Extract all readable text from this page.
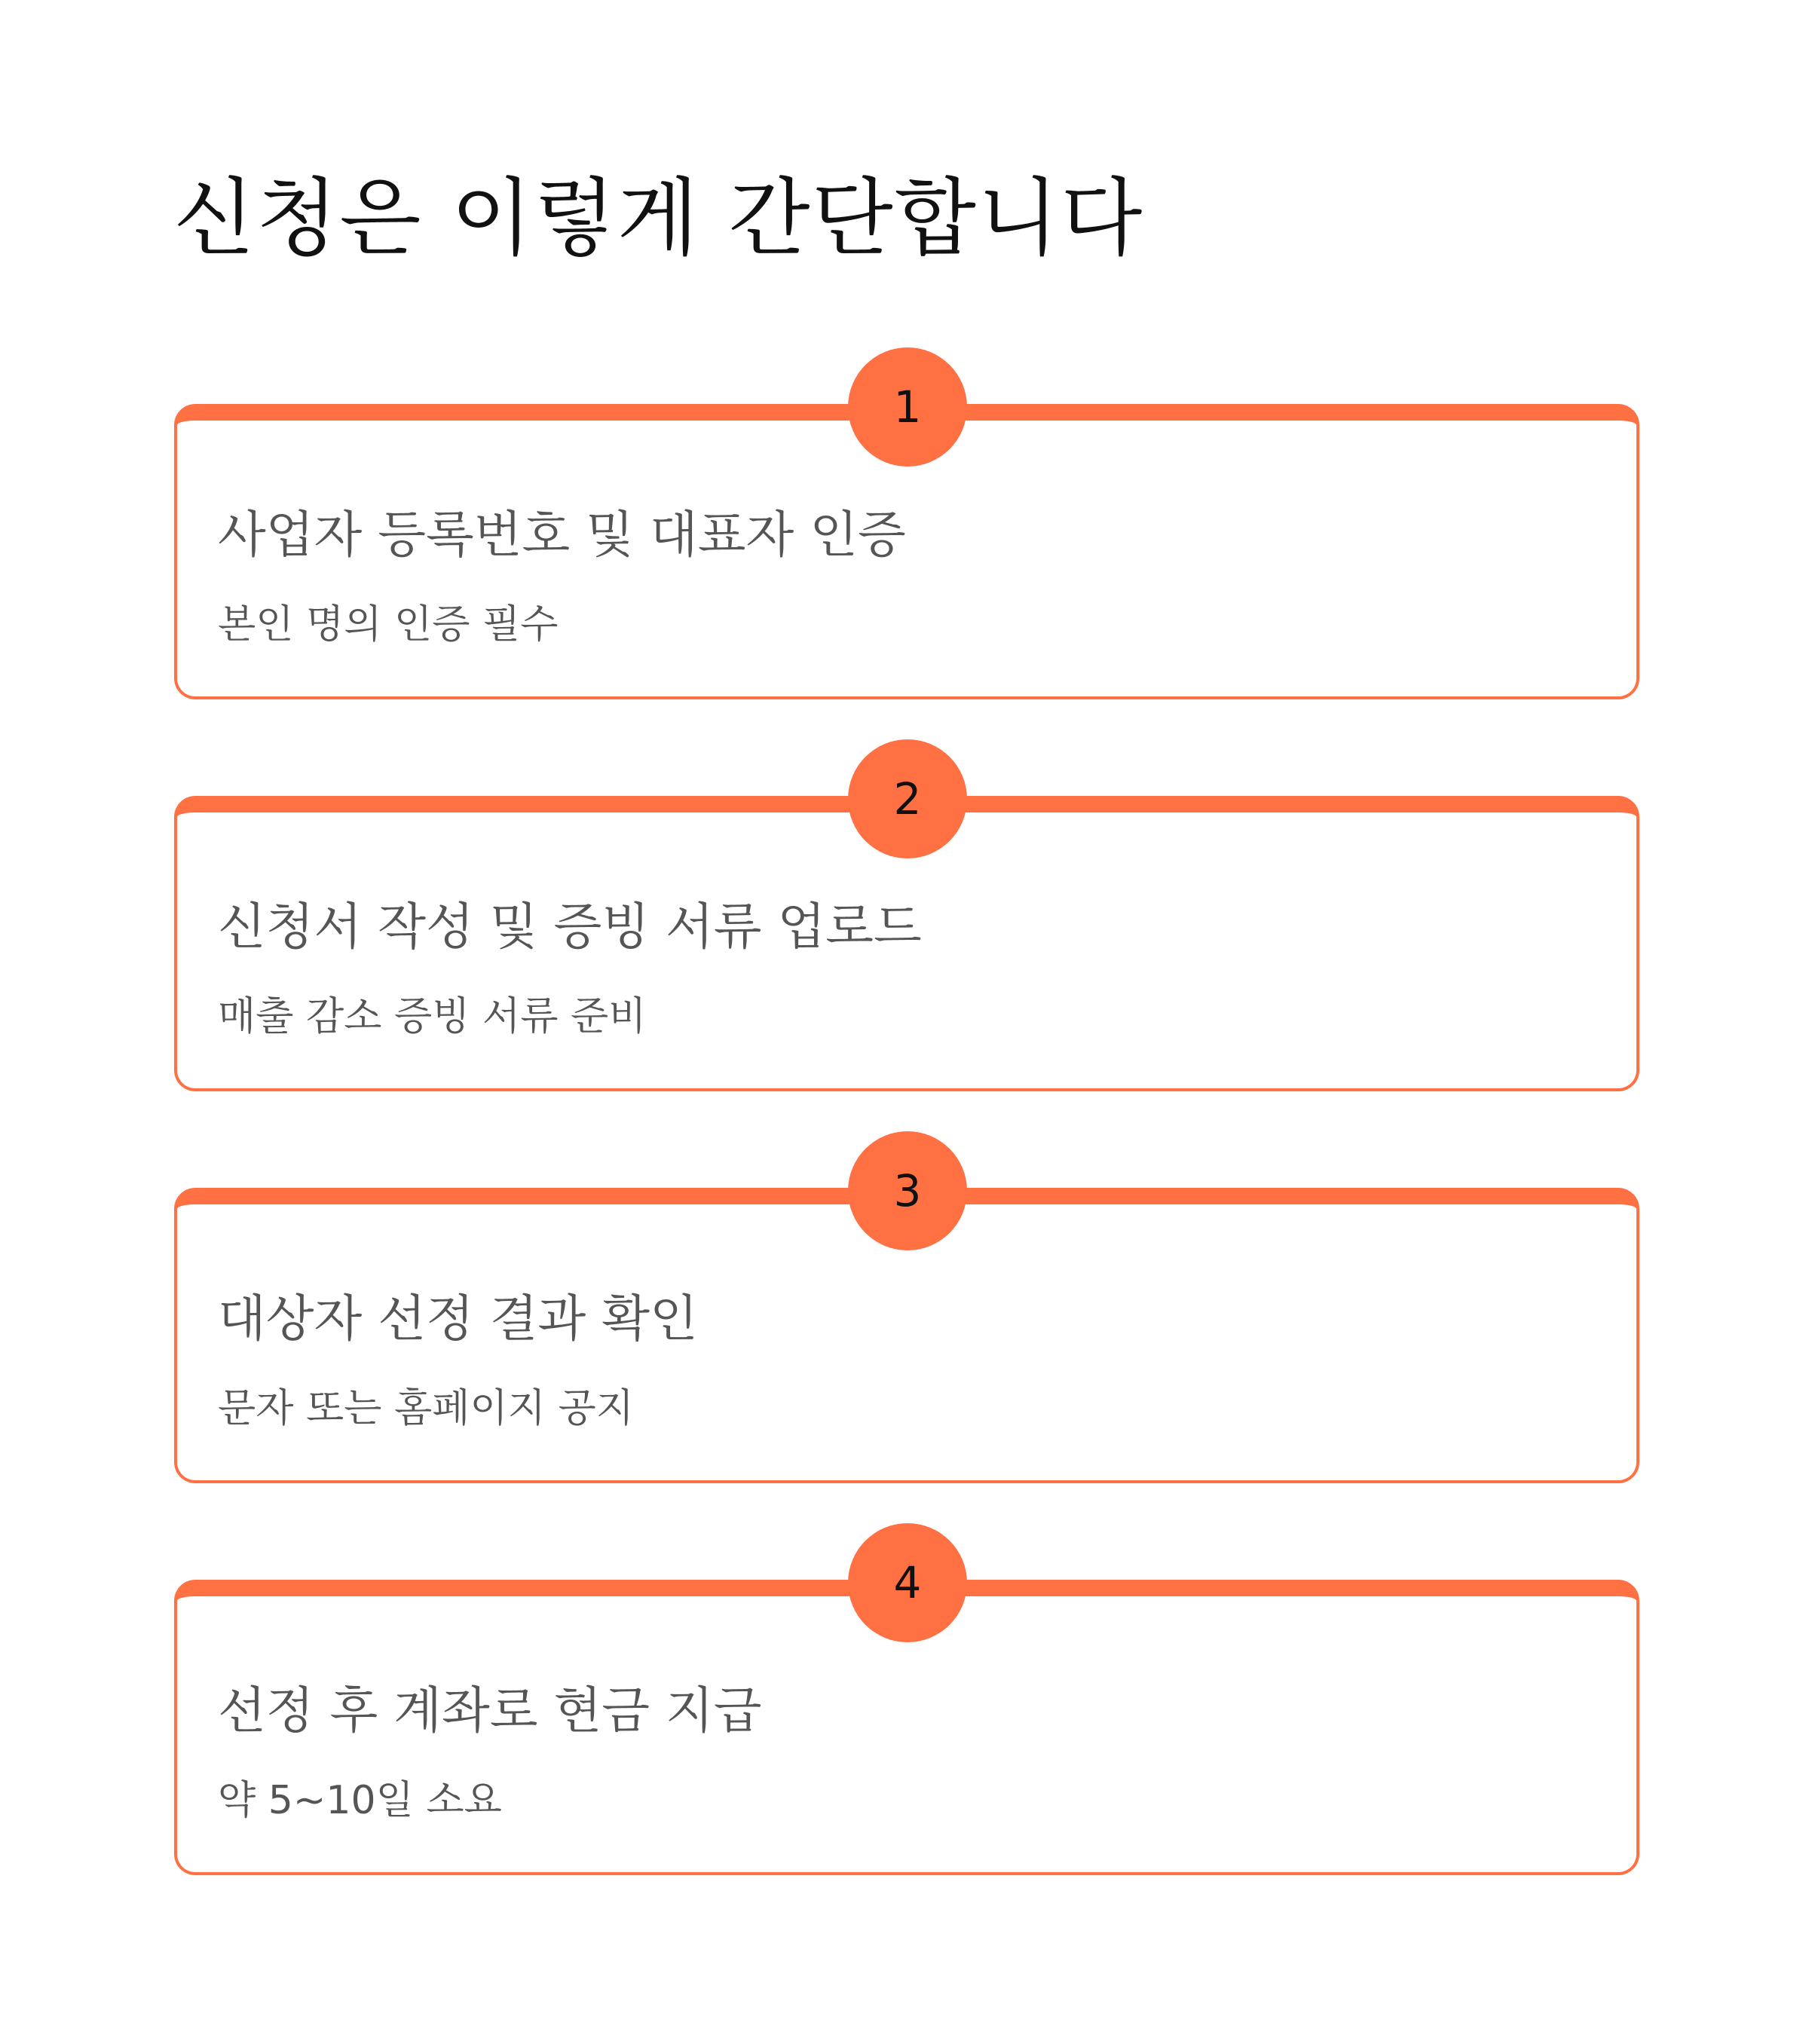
신청은 이렇게 간단합니다
1
사업자 등록번호 및 대표자 인증
본인 명의 인증 필수
2
신청서 작성 및 증빙 서류 업로드
매출 감소 증빙 서류 준비
3
대상자 선정 결과 확인
문자 또는 홈페이지 공지
4
선정 후 계좌로 현금 지급
약 5~10일 소요
